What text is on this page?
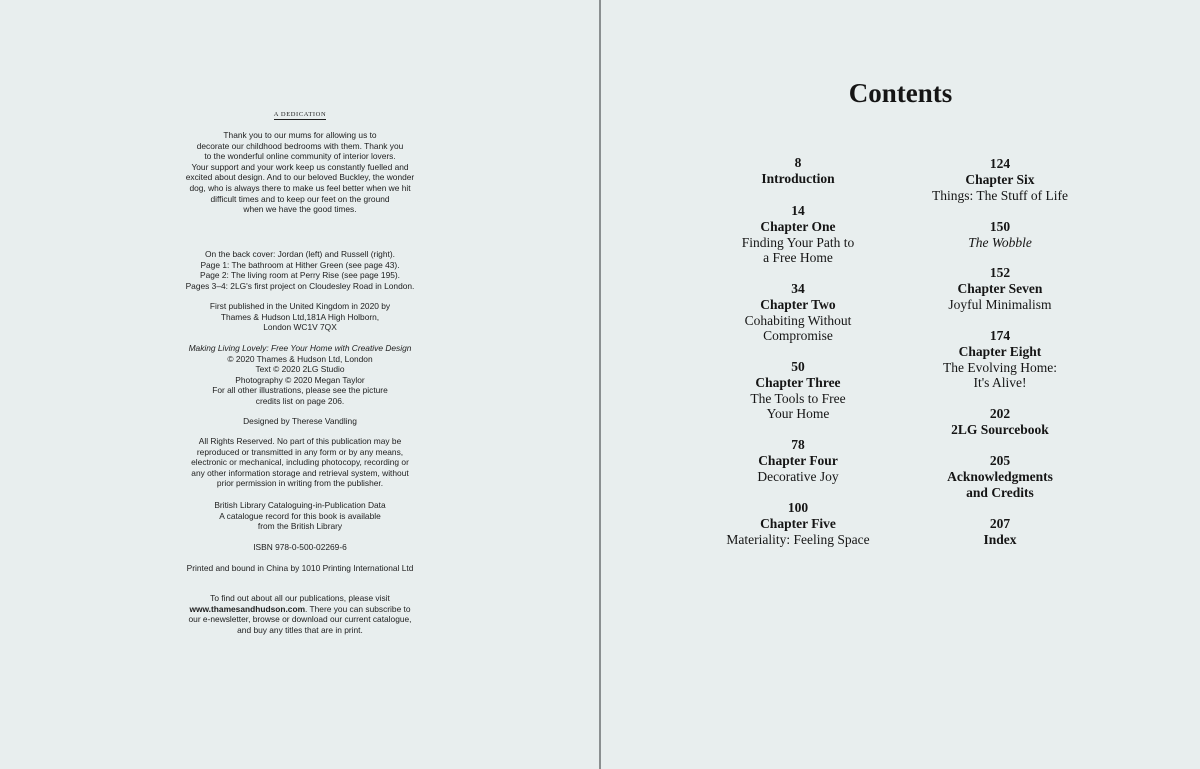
A DEDICATION

Thank you to our mums for allowing us to

decorate our childhood bedrooms with them. Thank you

to the wonderful online community of interior lovers.

Your support and your work keep us constantly fuelled and

excited about design. And to our beloved Buckley, the wonder

dog, who is always there to make us feel better when we hit

difficult times and to keep our feet on the ground

when we have the good times.

On the back cover: Jordan (left) and Russell (right).

Page 1: The bathroom at Hither Green (see page 43).

Page 2: The living room at Perry Rise (see page 195).

Pages 3–4: 2LG's first project on Cloudesley Road in London.

First published in the United Kingdom in 2020 by

Thames & Hudson Ltd,181A High Holborn,

London WC1V 7QX

Making Living Lovely: Free Your Home with Creative Design

© 2020 Thames & Hudson Ltd, London

Text © 2020 2LG Studio

Photography © 2020 Megan Taylor

For all other illustrations, please see the picture

credits list on page 206.

Designed by Therese Vandling

All Rights Reserved. No part of this publication may be

reproduced or transmitted in any form or by any means,

electronic or mechanical, including photocopy, recording or

any other information storage and retrieval system, without

prior permission in writing from the publisher.

British Library Cataloguing-in-Publication Data

A catalogue record for this book is available

from the British Library

ISBN 978-0-500-02269-6

Printed and bound in China by 1010 Printing International Ltd

To find out about all our publications, please visit

www.thamesandhudson.com. There you can subscribe to

our e-newsletter, browse or download our current catalogue,

and buy any titles that are in print.

Contents
8
Introduction
14
Chapter One
Finding Your Path to a Free Home
34
Chapter Two
Cohabiting Without Compromise
50
Chapter Three
The Tools to Free Your Home
78
Chapter Four
Decorative Joy
100
Chapter Five
Materiality: Feeling Space
124
Chapter Six
Things: The Stuff of Life
150
The Wobble
152
Chapter Seven
Joyful Minimalism
174
Chapter Eight
The Evolving Home: It's Alive!
202
2LG Sourcebook
205
Acknowledgments and Credits
207
Index
